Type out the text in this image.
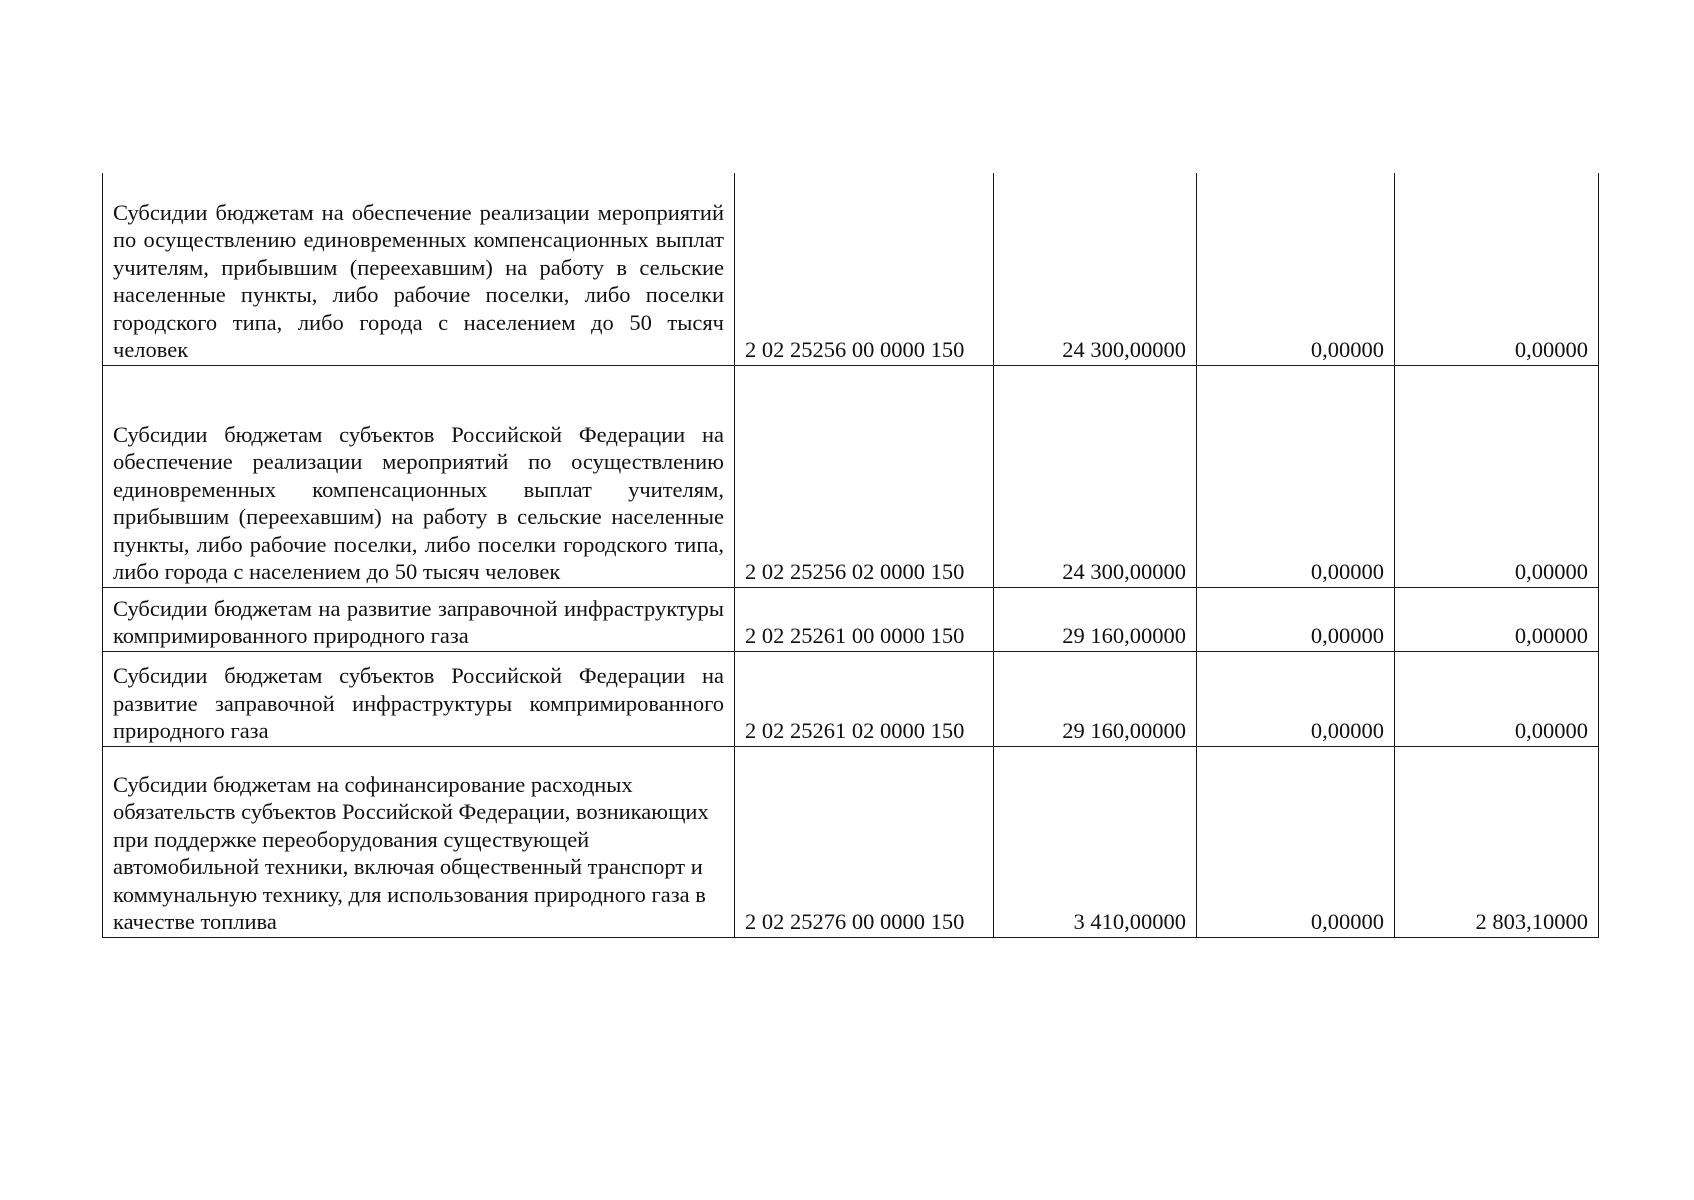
Субсидии бюджетам на обеспечение реализации мероприятий по осуществлению единовременных компенсационных выплат учителям, прибывшим (переехавшим) на работу в сельские населенные пункты, либо рабочие поселки, либо поселки городского типа, либо города с населением до 50 тысяч человек	2 02 25256 00 0000 150	24 300,00000	0,00000	0,00000
Субсидии бюджетам субъектов Российской Федерации на обеспечение реализации мероприятий по осуществлению единовременных компенсационных выплат учителям, прибывшим (переехавшим) на работу в сельские населенные пункты, либо рабочие поселки, либо поселки городского типа, либо города с населением до 50 тысяч человек	2 02 25256 02 0000 150	24 300,00000	0,00000	0,00000
Субсидии бюджетам на развитие заправочной инфраструктуры компримированного природного газа	2 02 25261 00 0000 150	29 160,00000	0,00000	0,00000
Субсидии бюджетам субъектов Российской Федерации на развитие заправочной инфраструктуры компримированного природного газа	2 02 25261 02 0000 150	29 160,00000	0,00000	0,00000
Субсидии бюджетам на софинансирование расходных обязательств субъектов Российской Федерации, возникающих при поддержке переоборудования существующей автомобильной техники, включая общественный транспорт и коммунальную технику, для использования природного газа в качестве топлива	2 02 25276 00 0000 150	3 410,00000	0,00000	2 803,10000
